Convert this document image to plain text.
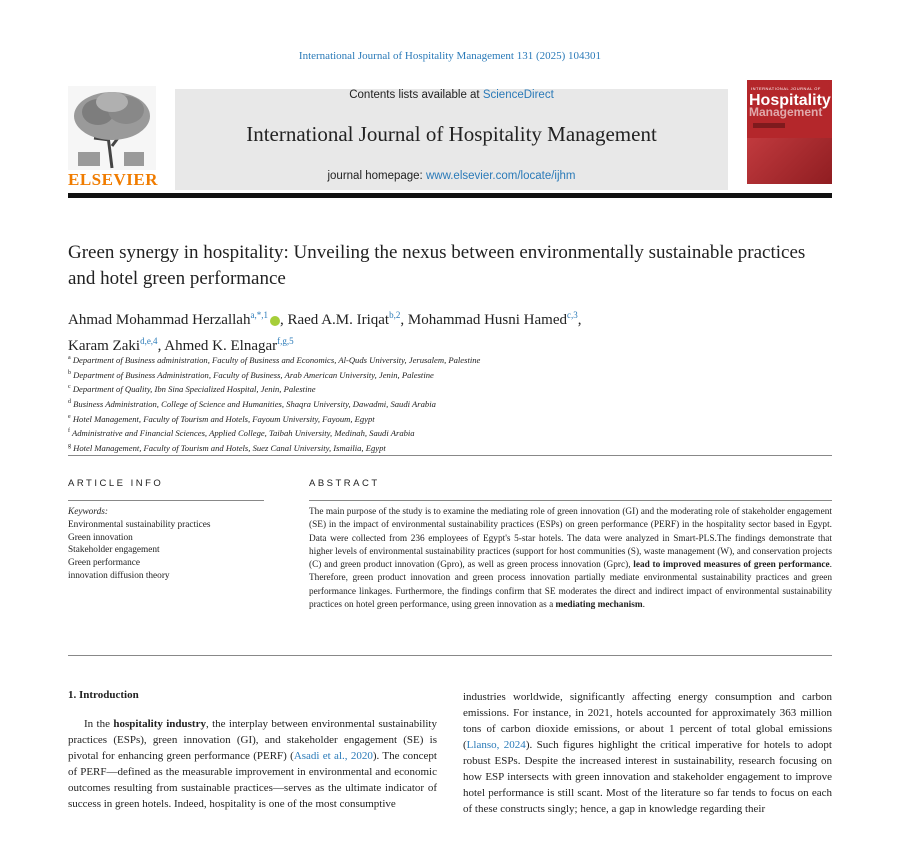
International Journal of Hospitality Management 131 (2025) 104301
ELSEVIER
Contents lists available at ScienceDirect
International Journal of Hospitality Management
journal homepage: www.elsevier.com/locate/ijhm
INTERNATIONAL JOURNAL OF
Hospitality
Management
Green synergy in hospitality: Unveiling the nexus between environmentally sustainable practices and hotel green performance
Ahmad Mohammad Herzallah$^{a,*,1}$ , Raed A.M. Iriqat$^{b,2}$, Mohammad Husni Hamed$^{c,3}$,
Karam Zaki$^{d,e,4}$, Ahmed K. Elnagar$^{f,g,5}$
$^a$ Department of Business administration, Faculty of Business and Economics, Al-Quds University, Jerusalem, Palestine
$^b$ Department of Business Administration, Faculty of Business, Arab American University, Jenin, Palestine
$^c$ Department of Quality, Ibn Sina Specialized Hospital, Jenin, Palestine
$^d$ Business Administration, College of Science and Humanities, Shaqra University, Dawadmi, Saudi Arabia
$^e$ Hotel Management, Faculty of Tourism and Hotels, Fayoum University, Fayoum, Egypt
$^f$ Administrative and Financial Sciences, Applied College, Taibah University, Medinah, Saudi Arabia
$^g$ Hotel Management, Faculty of Tourism and Hotels, Suez Canal University, Ismailia, Egypt
ARTICLE INFO	ABSTRACT
Keywords:
Environmental sustainability practices
Green innovation
Stakeholder engagement
Green performance
innovation diffusion theory
The main purpose of the study is to examine the mediating role of green innovation (GI) and the moderating role of stakeholder engagement (SE) in the impact of environmental sustainability practices (ESPs) on green performance (PERF) in the hospitality sector based in Egypt. Data were collected from 236 employees of Egypt's 5-star hotels. The data were analyzed in Smart-PLS.The findings demonstrate that higher levels of environmental sustainability practices (support for host communities (S), waste management (W), and conservation projects (C) and green product innovation (Gpro), as well as green process innovation (Gprc), lead to improved measures of green performance. Therefore, green product innovation and green process innovation partially mediate environmental sustainability practices and green performance linkages. Furthermore, the findings confirm that SE moderates the direct and indirect impact of environmental sustainability practices on hotel green performance, using green innovation as a mediating mechanism.
1. Introduction

In the hospitality industry, the interplay between environmental sustainability practices (ESPs), green innovation (GI), and stakeholder engagement (SE) is pivotal for enhancing green performance (PERF) (Asadi et al., 2020). The concept of PERF—defined as the measurable improvement in environmental and economic outcomes resulting from sustainable practices—serves as the ultimate indicator of success in green hotels. Indeed, hospitality is one of the most consumptive

industries worldwide, significantly affecting energy consumption and carbon emissions. For instance, in 2021, hotels accounted for approximately 363 million tons of carbon dioxide emissions, or about 1 percent of total global emissions (Llanso, 2024). Such figures highlight the critical imperative for hotels to adopt robust ESPs. Despite the increased interest in sustainability, research focusing on how ESP intersects with green innovation and stakeholder engagement to improve hotel performance is still scant. Most of the literature so far tends to focus on each of these constructs singly; hence, a gap in knowledge regarding their
